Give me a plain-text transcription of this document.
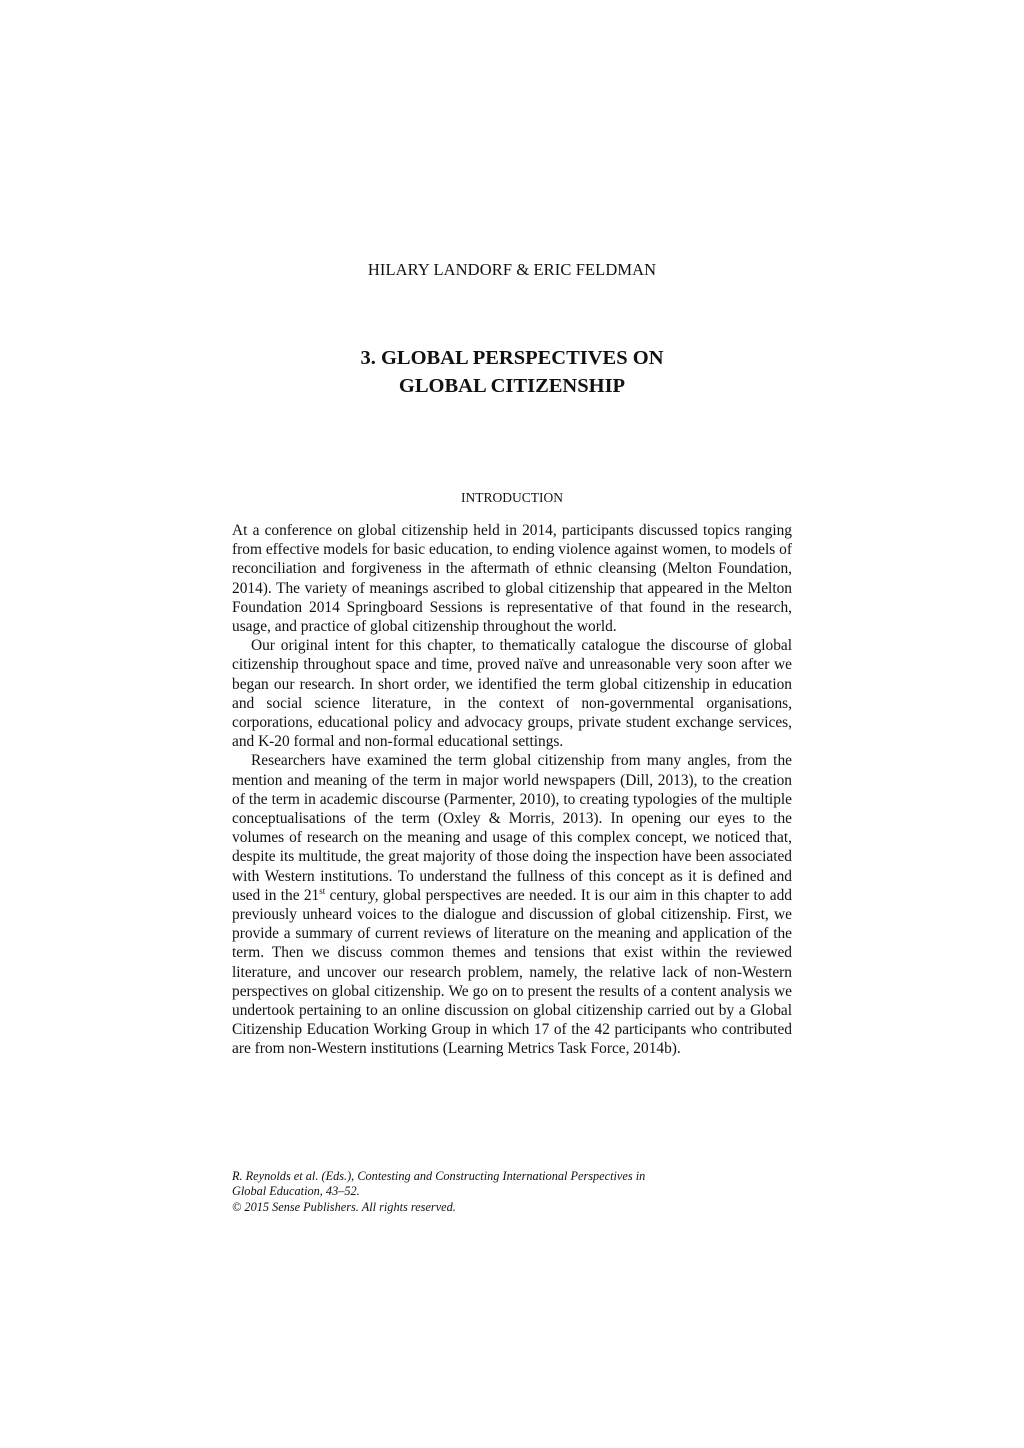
HILARY LANDORF & ERIC FELDMAN
3. GLOBAL PERSPECTIVES ON
GLOBAL CITIZENSHIP
INTRODUCTION

At a conference on global citizenship held in 2014, participants discussed topics ranging from effective models for basic education, to ending violence against women, to models of reconciliation and forgiveness in the aftermath of ethnic cleansing (Melton Foundation, 2014). The variety of meanings ascribed to global citizenship that appeared in the Melton Foundation 2014 Springboard Sessions is representative of that found in the research, usage, and practice of global citizenship throughout the world.

Our original intent for this chapter, to thematically catalogue the discourse of global citizenship throughout space and time, proved naïve and unreasonable very soon after we began our research. In short order, we identified the term global citizenship in education and social science literature, in the context of non-governmental organisations, corporations, educational policy and advocacy groups, private student exchange services, and K-20 formal and non-formal educational settings.

Researchers have examined the term global citizenship from many angles, from the mention and meaning of the term in major world newspapers (Dill, 2013), to the creation of the term in academic discourse (Parmenter, 2010), to creating typologies of the multiple conceptualisations of the term (Oxley & Morris, 2013). In opening our eyes to the volumes of research on the meaning and usage of this complex concept, we noticed that, despite its multitude, the great majority of those doing the inspection have been associated with Western institutions. To understand the fullness of this concept as it is defined and used in the 21st century, global perspectives are needed. It is our aim in this chapter to add previously unheard voices to the dialogue and discussion of global citizenship. First, we provide a summary of current reviews of literature on the meaning and application of the term. Then we discuss common themes and tensions that exist within the reviewed literature, and uncover our research problem, namely, the relative lack of non-Western perspectives on global citizenship. We go on to present the results of a content analysis we undertook pertaining to an online discussion on global citizenship carried out by a Global Citizenship Education Working Group in which 17 of the 42 participants who contributed are from non-Western institutions (Learning Metrics Task Force, 2014b).

R. Reynolds et al. (Eds.), Contesting and Constructing International Perspectives in
Global Education, 43–52.
© 2015 Sense Publishers. All rights reserved.
